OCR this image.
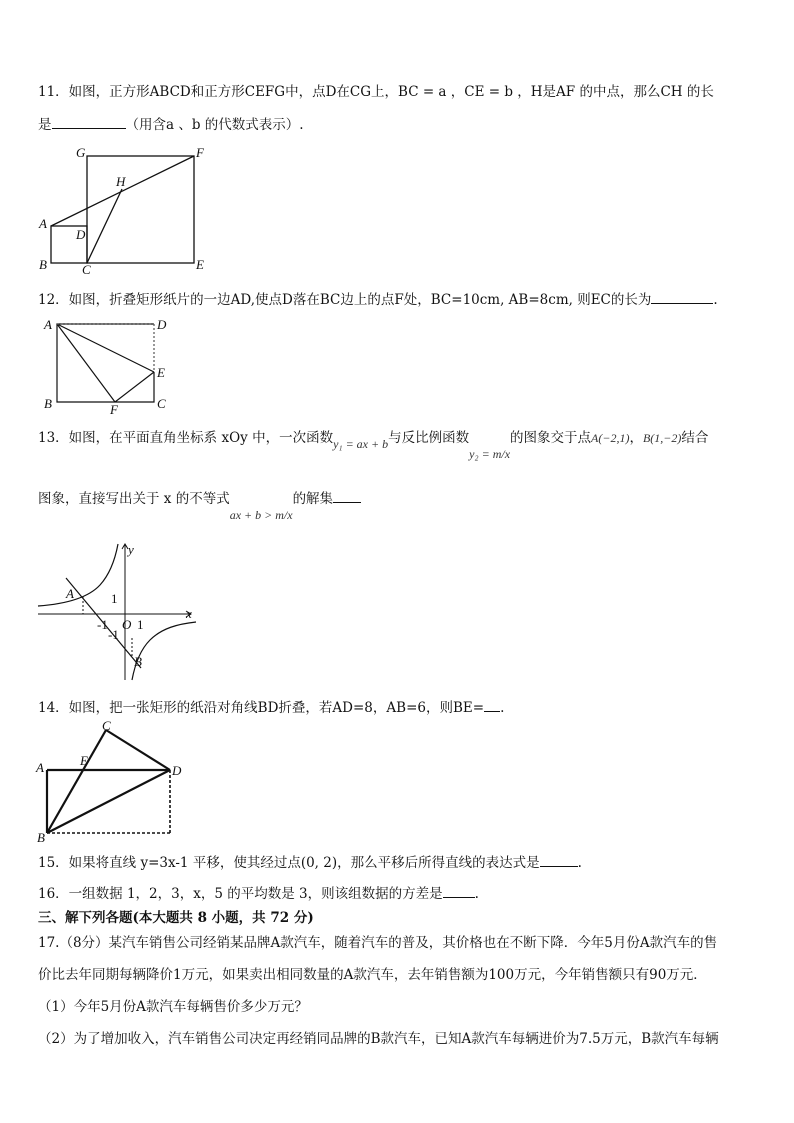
11．如图，正方形ABCD和正方形CEFG中，点D在CG上，BC = a ，CE = b ，H是AF 的中点，那么CH 的长
是	（用含a 、b 的代数式表示）.
G	F
H
A
D
B	C	E
12．如图，折叠矩形纸片的一边AD,使点D落在BC边上的点F处，BC=10cm, AB=8cm, 则EC的长为	.
A	D
E
B	F	C
13．如图，在平面直角坐标系 xOy 中，一次函数y₁ = ax + b与反比例函数y₂ = m/x的图象交于点A(−2,1)，B(1,−2)结合
图象，直接写出关于 x 的不等式ax + b > m/x的解集
y
x
A
B
O
1
1
-1
-1
14．如图，把一张矩形的纸沿对角线BD折叠，若AD=8，AB=6，则BE= .
C
A	E
D
B
15．如果将直线 y=3x-1 平移，使其经过点(0, 2)，那么平移后所得直线的表达式是	.
16．一组数据 1，2，3，x，5 的平均数是 3，则该组数据的方差是 .
三、解下列各题(本大题共 8 小题，共 72 分)
17.（8分）某汽车销售公司经销某品牌A款汽车，随着汽车的普及，其价格也在不断下降．今年5月份A款汽车的售
价比去年同期每辆降价1万元，如果卖出相同数量的A款汽车，去年销售额为100万元，今年销售额只有90万元．
（1）今年5月份A款汽车每辆售价多少万元？
（2）为了增加收入，汽车销售公司决定再经销同品牌的B款汽车，已知A款汽车每辆进价为7.5万元，B款汽车每辆
